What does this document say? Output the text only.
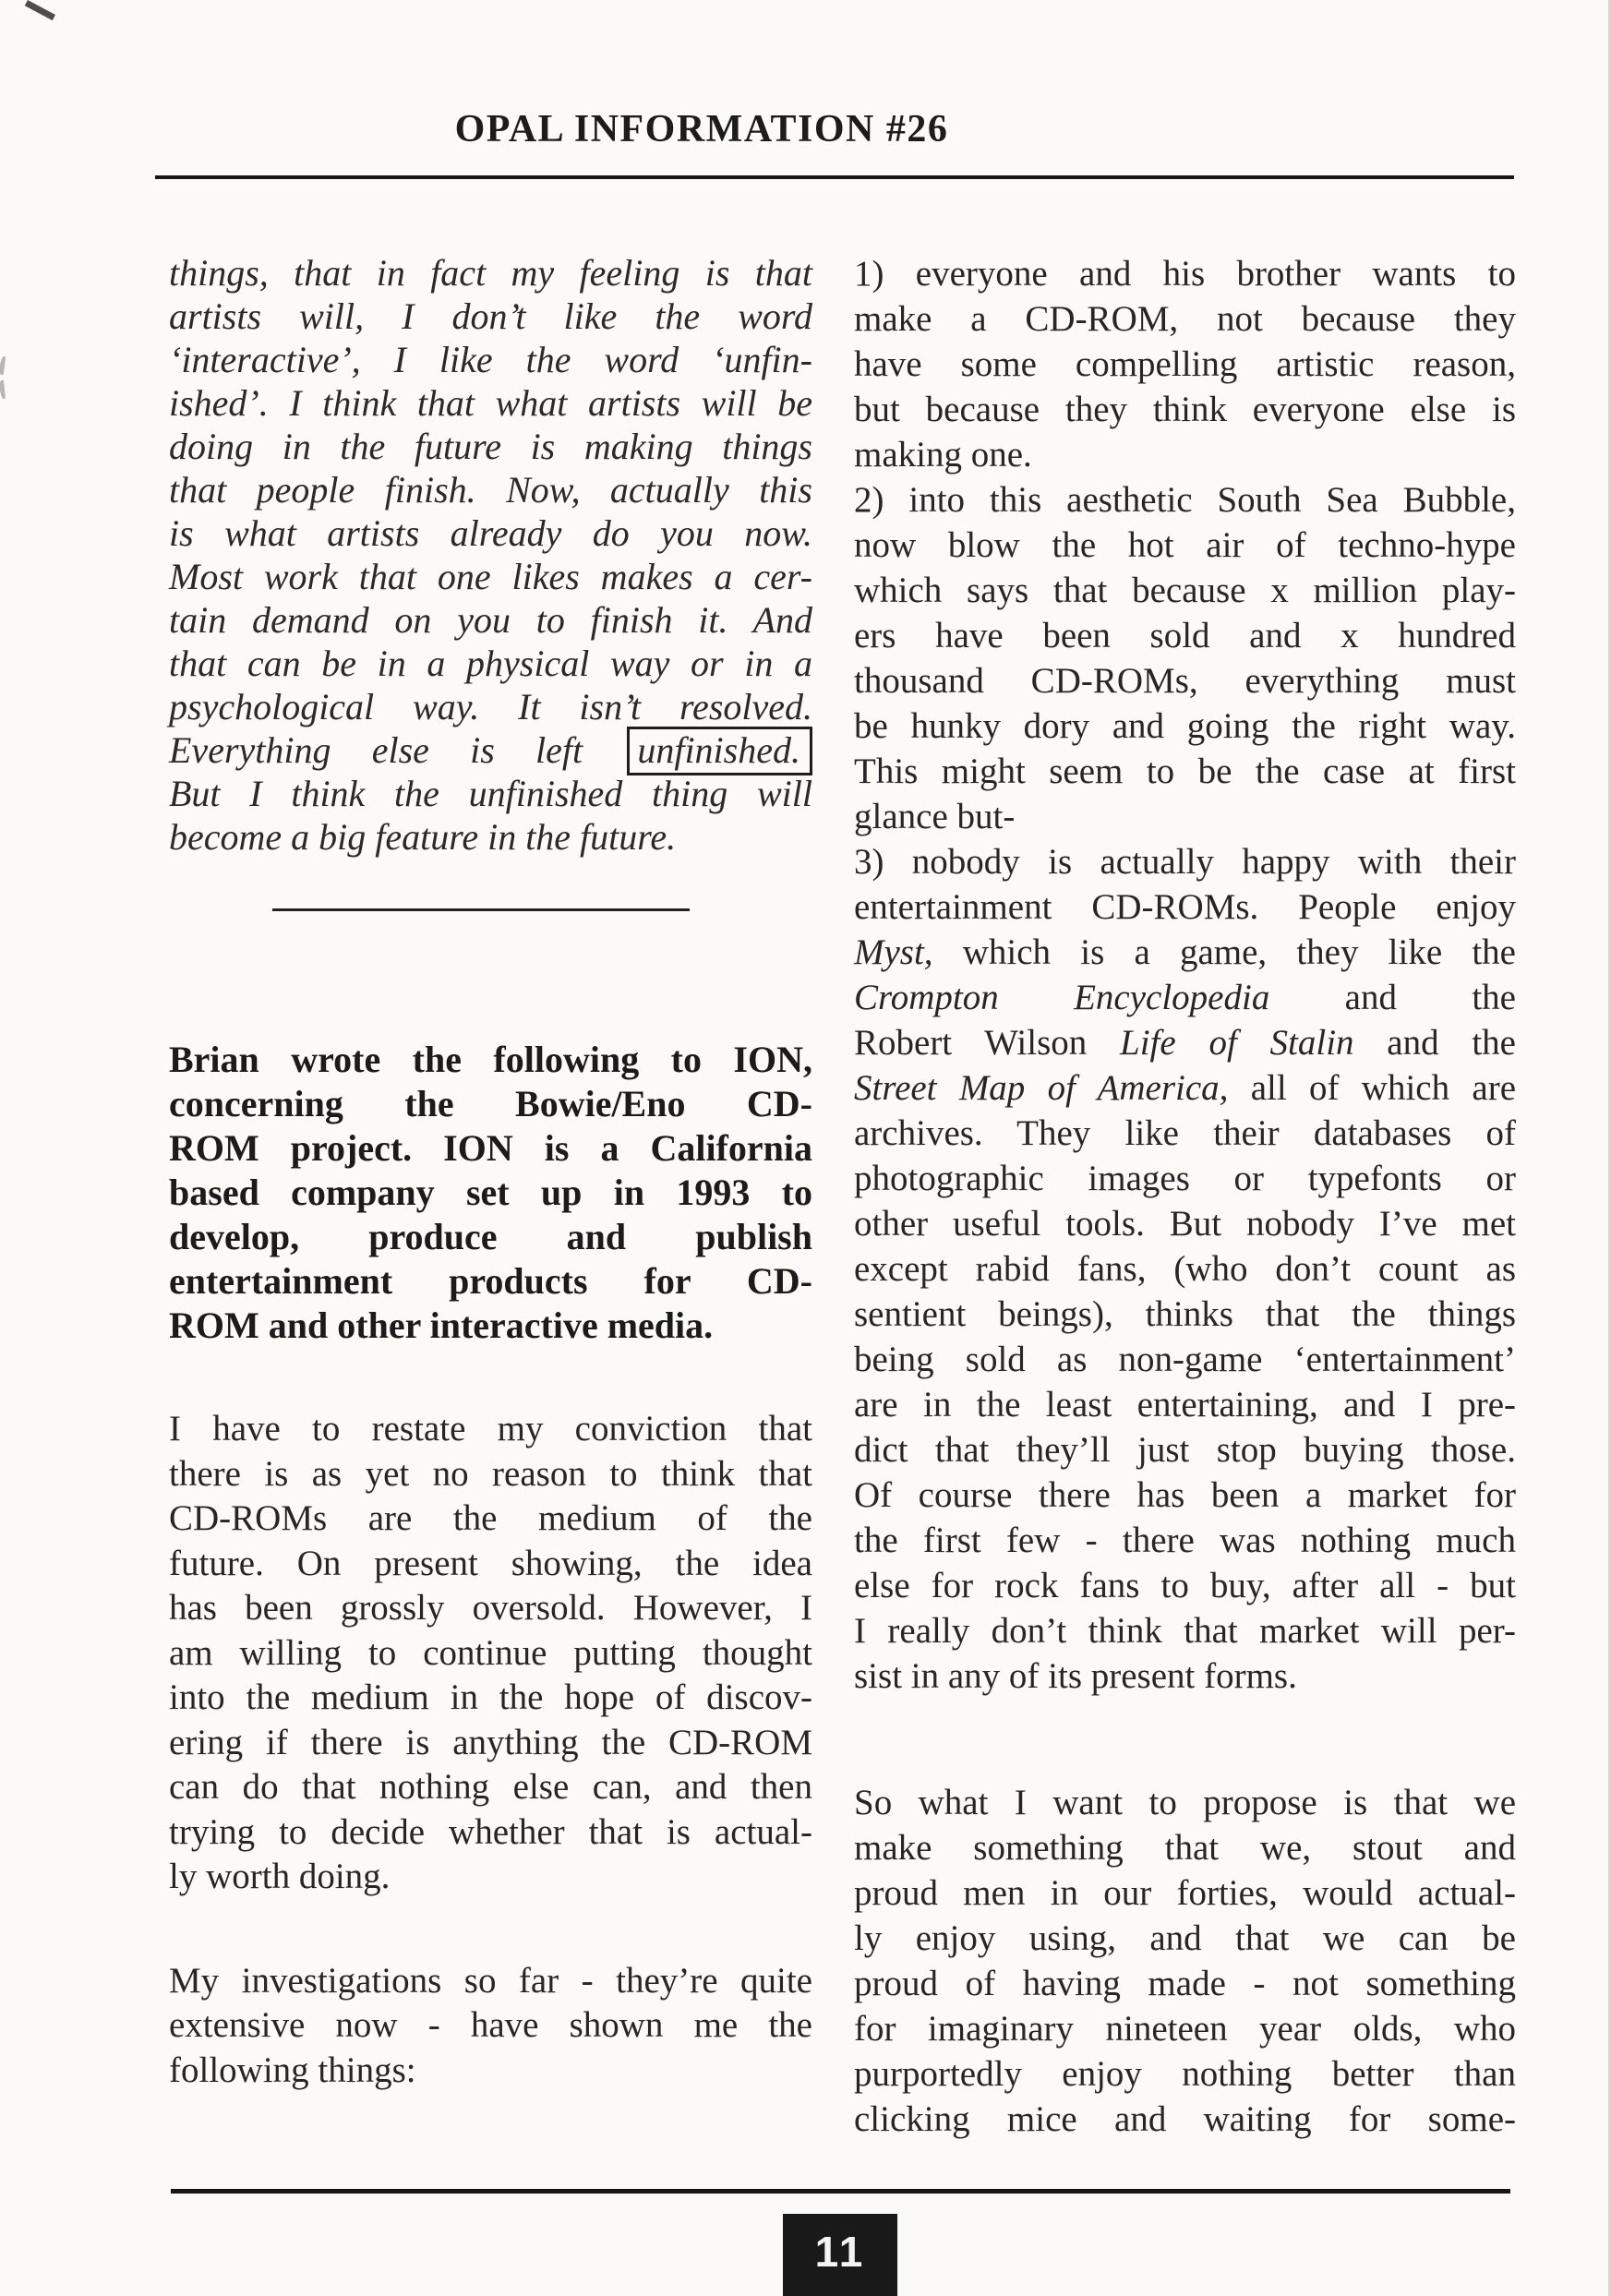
OPAL INFORMATION #26
things, that in fact my feeling is that
artists will, I don’t like the word
‘interactive’, I like the word ‘unfin-
ished’. I think that what artists will be
doing in the future is making things
that people finish. Now, actually this
is what artists already do you now.
Most work that one likes makes a cer-
tain demand on you to finish it. And
that can be in a physical way or in a
psychological way. It isn’t resolved.
Everything else is left unfinished.
But I think the unfinished thing will
become a big feature in the future.
Brian wrote the following to ION,
concerning the Bowie/Eno CD-
ROM project. ION is a California
based company set up in 1993 to
develop, produce and publish
entertainment products for CD-
ROM and other interactive media.
I have to restate my conviction that
there is as yet no reason to think that
CD-ROMs are the medium of the
future. On present showing, the idea
has been grossly oversold. However, I
am willing to continue putting thought
into the medium in the hope of discov-
ering if there is anything the CD-ROM
can do that nothing else can, and then
trying to decide whether that is actual-
ly worth doing.
My investigations so far - they’re quite
extensive now - have shown me the
following things:
1) everyone and his brother wants to
make a CD-ROM, not because they
have some compelling artistic reason,
but because they think everyone else is
making one.
2) into this aesthetic South Sea Bubble,
now blow the hot air of techno-hype
which says that because x million play-
ers have been sold and x hundred
thousand CD-ROMs, everything must
be hunky dory and going the right way.
This might seem to be the case at first
glance but-
3) nobody is actually happy with their
entertainment CD-ROMs. People enjoy
Myst, which is a game, they like the
Crompton Encyclopedia and the
Robert Wilson Life of Stalin and the
Street Map of America, all of which are
archives. They like their databases of
photographic images or typefonts or
other useful tools. But nobody I’ve met
except rabid fans, (who don’t count as
sentient beings), thinks that the things
being sold as non-game ‘entertainment’
are in the least entertaining, and I pre-
dict that they’ll just stop buying those.
Of course there has been a market for
the first few - there was nothing much
else for rock fans to buy, after all - but
I really don’t think that market will per-
sist in any of its present forms.
So what I want to propose is that we
make something that we, stout and
proud men in our forties, would actual-
ly enjoy using, and that we can be
proud of having made - not something
for imaginary nineteen year olds, who
purportedly enjoy nothing better than
clicking mice and waiting for some-
11
